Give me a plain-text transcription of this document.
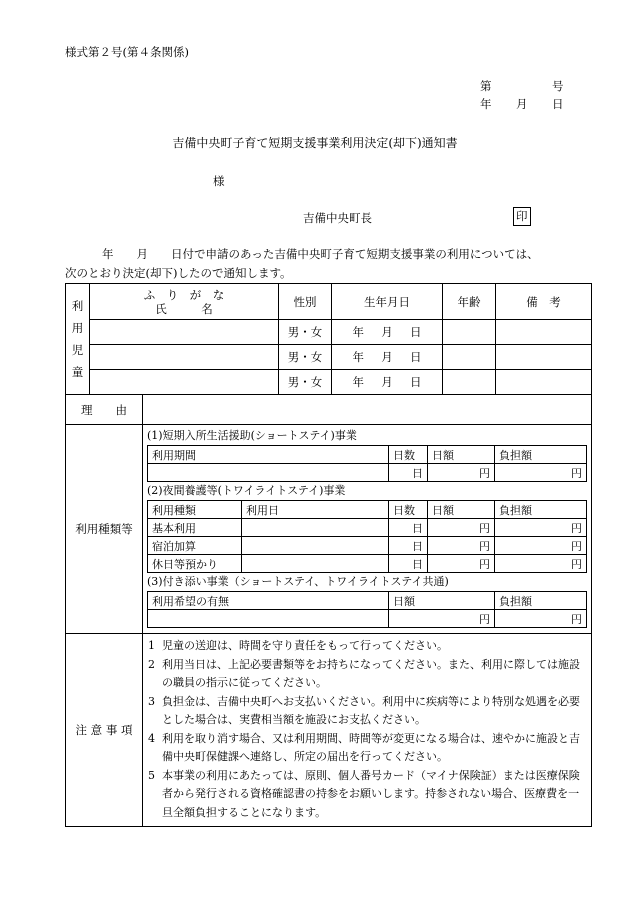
様式第２号(第４条関係)
第	号
年 月 日
吉備中央町子育て短期支援事業利用決定(却下)通知書
様
吉備中央町長	印
年　　月　　日付で申請のあった吉備中央町子育て短期支援事業の利用については、
次のとおり決定(却下)したので通知します。
利
用
児
童

ふ　り　が　な
氏　　　名	性別	生年月日	年齢	備　考
	男・女	年   月   日		
	男・女	年   月   日		
	男・女	年   月   日		
理　　由	
利用種類等	
(1)短期入所生活援助(ショートステイ)事業
利用期間	日数	日額	負担額
	日	円	円
(2)夜間養護等(トワイライトステイ)事業
利用種類	利用日	日数	日額	負担額
基本利用		日	円	円
宿泊加算		日	円	円
休日等預かり		日	円	円
(3)付き添い事業（ショートステイ、トワイライトステイ共通)
利用希望の有無	日額	負担額
	円	円

注 意 事 項	
1 児童の送迎は、時間を守り責任をもって行ってください。
2 利用当日は、上記必要書類等をお持ちになってください。また、利用に際しては施設の職員の指示に従ってください。
3 負担金は、吉備中央町へお支払いください。利用中に疾病等により特別な処遇を必要とした場合は、実費相当額を施設にお支払ください。
4 利用を取り消す場合、又は利用期間、時間等が変更になる場合は、速やかに施設と吉備中央町保健課へ連絡し、所定の届出を行ってください。
5 本事業の利用にあたっては、原則、個人番号カード（マイナ保険証）または医療保険者から発行される資格確認書の持参をお願いします。持参されない場合、医療費を一旦全額負担することになります。
